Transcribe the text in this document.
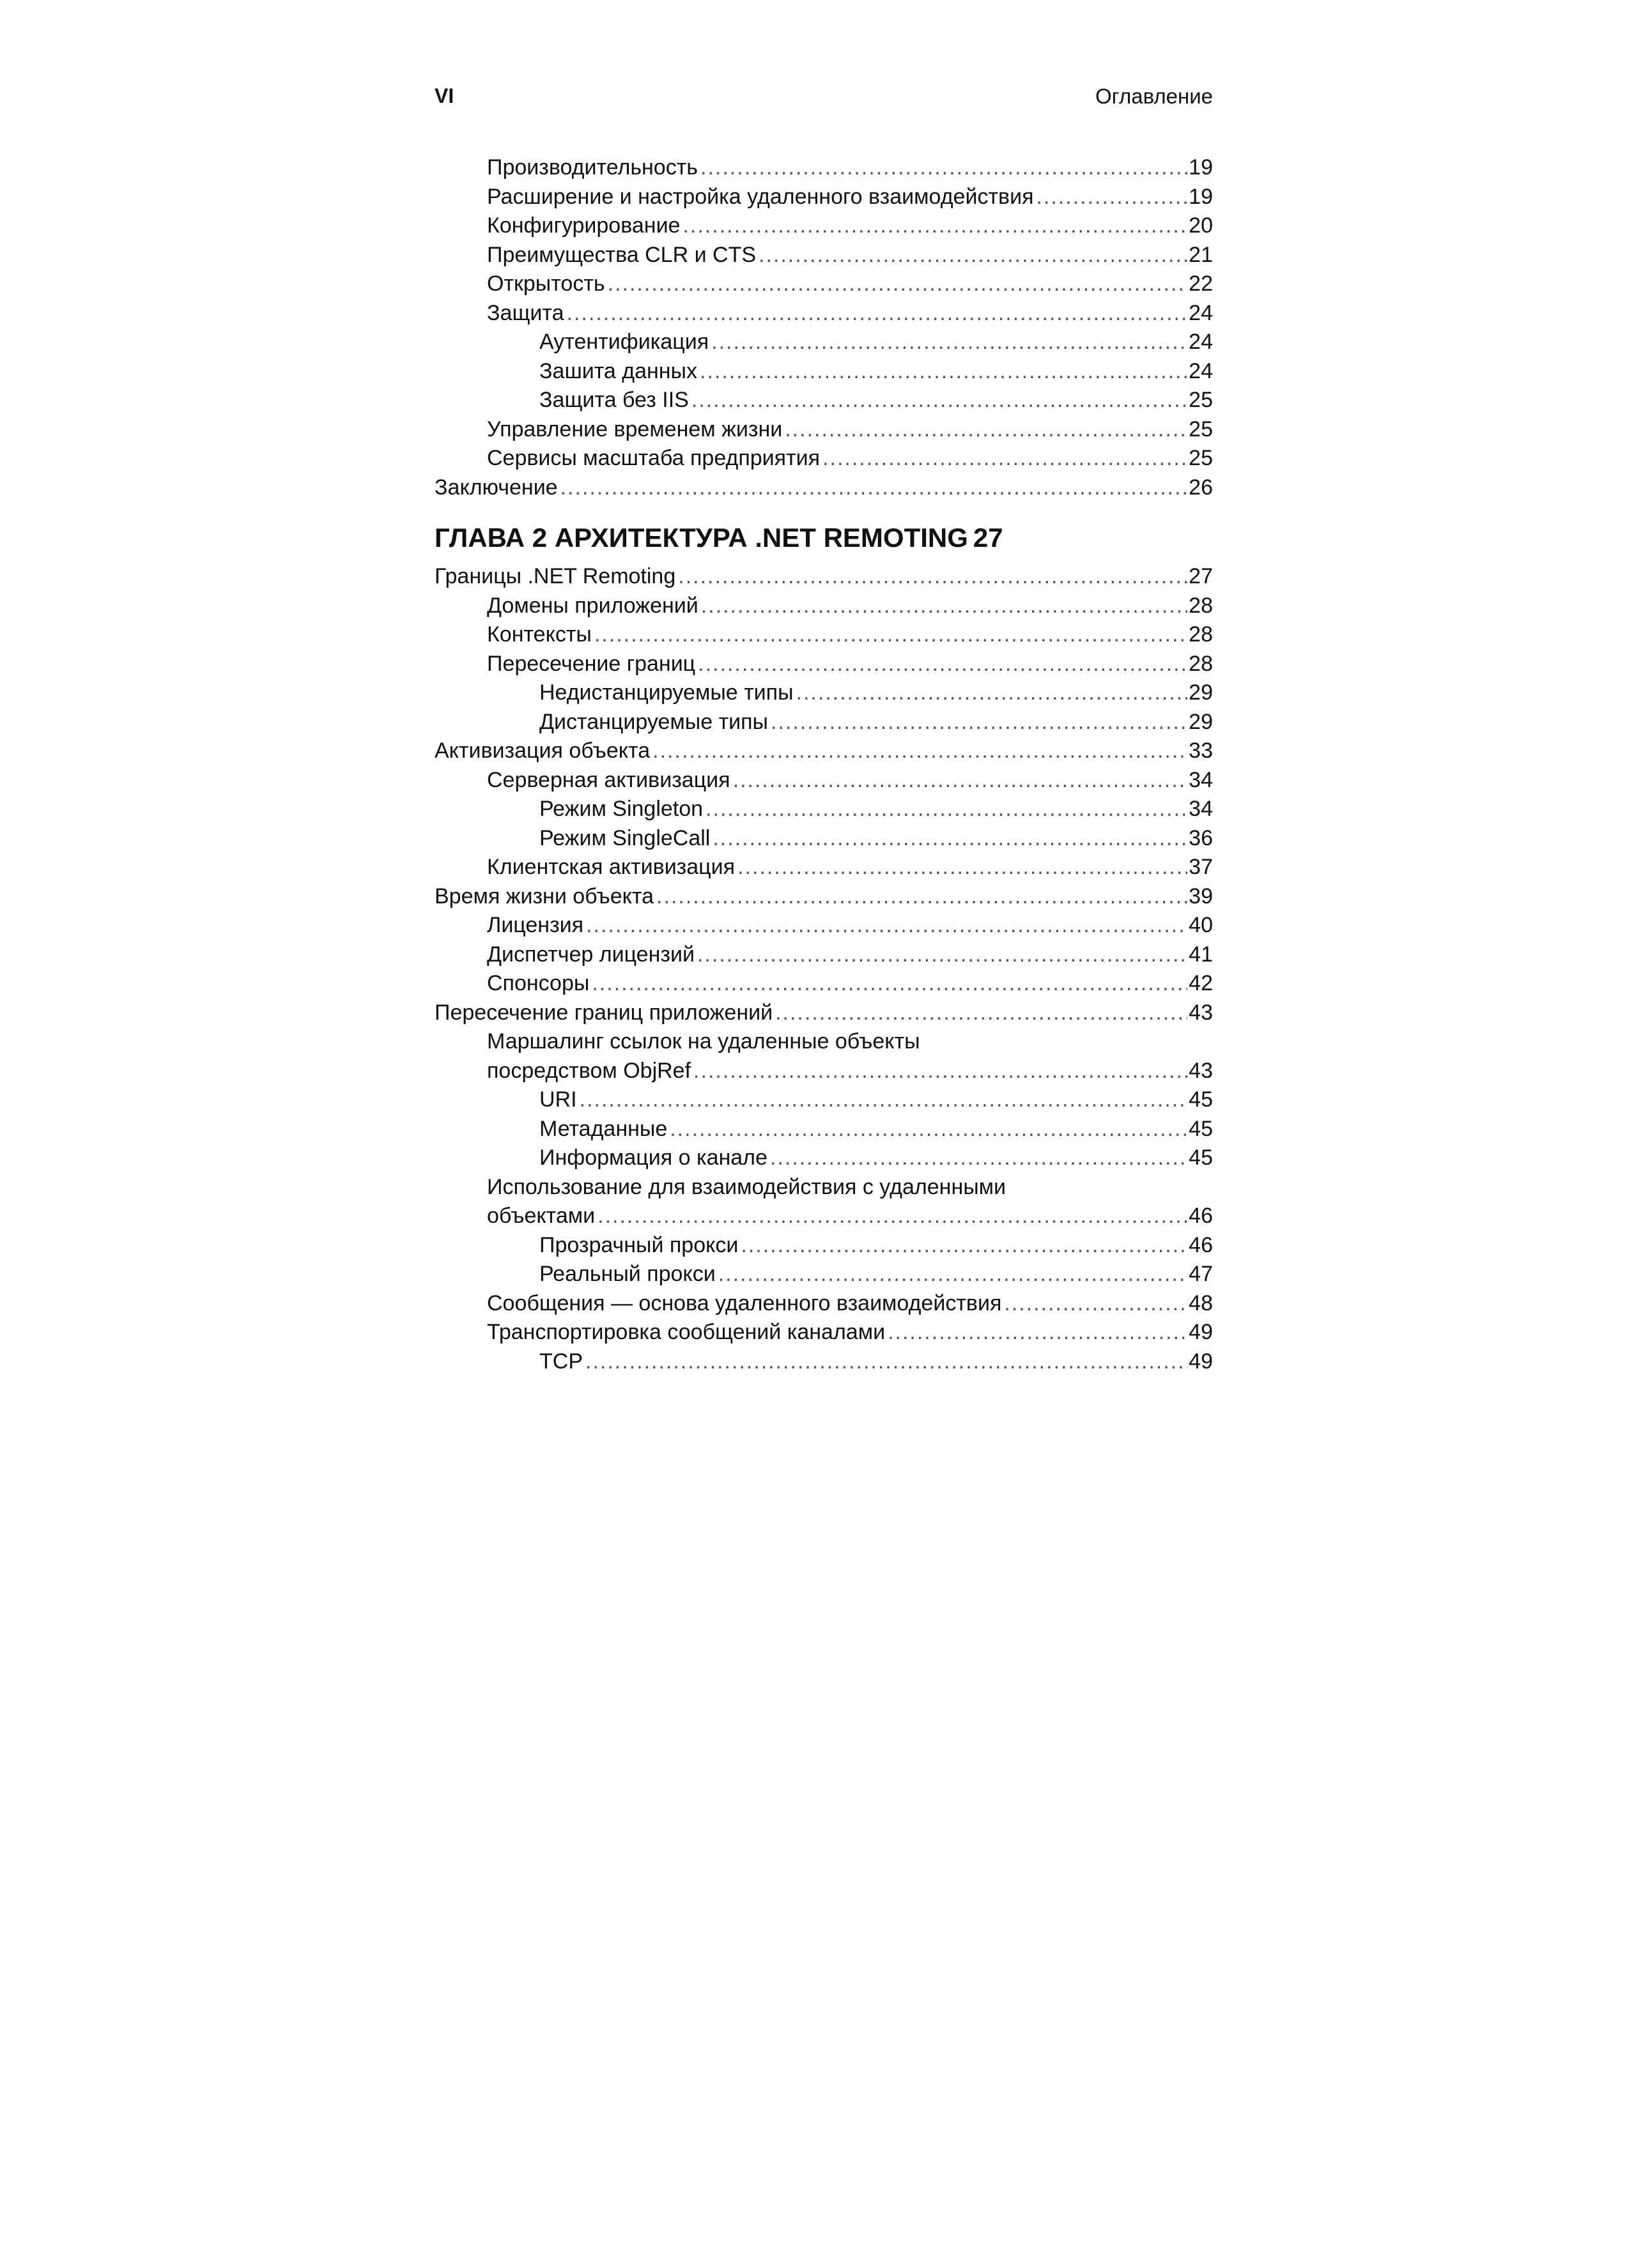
VI	Оглавление
Производительность .....	19
Расширение и настройка удаленного взаимодействия .....	19
Конфигурирование .....	20
Преимущества CLR и CTS .....	21
Открытость .....	22
Защита .....	24
Аутентификация .....	24
Зашита данных .....	24
Защита без IIS .....	25
Управление временем жизни .....	25
Сервисы масштаба предприятия .....	25
Заключение .....	26
ГЛАВА 2 АРХИТЕКТУРА .NET REMOTING 27
Границы .NET Remoting .....	27
Домены приложений .....	28
Контексты .....	28
Пересечение границ .....	28
Недистанцируемые типы .....	29
Дистанцируемые типы .....	29
Активизация объекта .....	33
Серверная активизация .....	34
Режим Singleton .....	34
Режим SingleCall .....	36
Клиентская активизация .....	37
Время жизни объекта .....	39
Лицензия .....	40
Диспетчер лицензий .....	41
Спонсоры .....	42
Пересечение границ приложений .....	43
Маршалинг ссылок на удаленные объекты
посредством ObjRef .....	43
URI .....	45
Метаданные .....	45
Информация о канале .....	45
Использование для взаимодействия с удаленными
объектами .....	46
Прозрачный прокси .....	46
Реальный прокси .....	47
Сообщения — основа удаленного взаимодействия .....	48
Транспортировка сообщений каналами .....	49
TCP .....	49
